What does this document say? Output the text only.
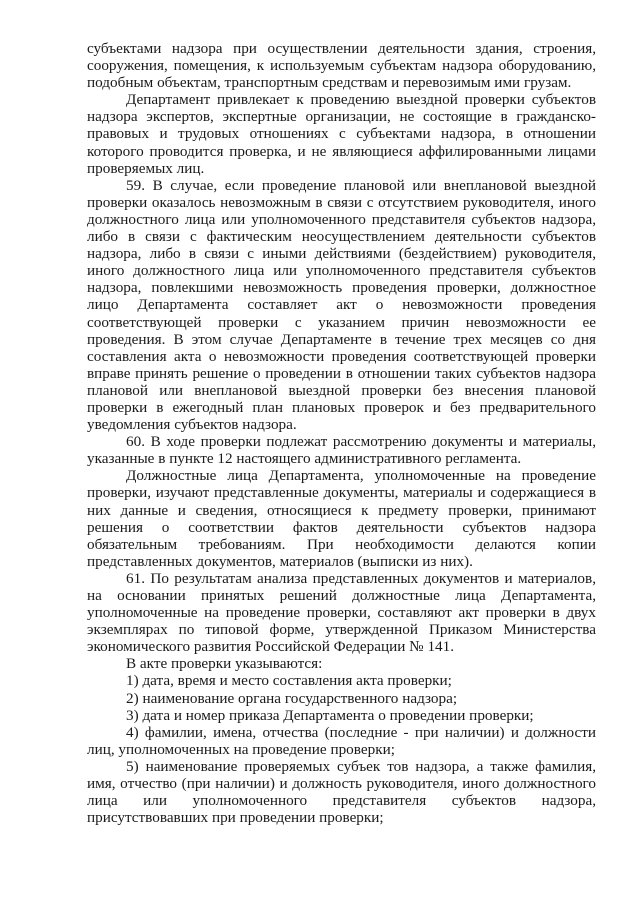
субъектами надзора при осуществлении деятельности здания, строения, сооружения, помещения, к используемым субъектам надзора оборудованию, подобным объектам, транспортным средствам и перевозимым ими грузам.

Департамент привлекает к проведению выездной проверки субъектов надзора экспертов, экспертные организации, не состоящие в гражданско-правовых и трудовых отношениях с субъектами надзора, в отношении которого проводится проверка, и не являющиеся аффилированными лицами проверяемых лиц.

59. В случае, если проведение плановой или внеплановой выездной проверки оказалось невозможным в связи с отсутствием руководителя, иного должностного лица или уполномоченного представителя субъектов надзора, либо в связи с фактическим неосуществлением деятельности субъектов надзора, либо в связи с иными действиями (бездействием) руководителя, иного должностного лица или уполномоченного представителя субъектов надзора, повлекшими невозможность проведения проверки, должностное лицо Департамента составляет акт о невозможности проведения соответствующей проверки с указанием причин невозможности ее проведения. В этом случае Департаменте в течение трех месяцев со дня составления акта о невозможности проведения соответствующей проверки вправе принять решение о проведении в отношении таких субъектов надзора плановой или внеплановой выездной проверки без внесения плановой проверки в ежегодный план плановых проверок и без предварительного уведомления субъектов надзора.

60. В ходе проверки подлежат рассмотрению документы и материалы, указанные в пункте 12 настоящего административного регламента.

Должностные лица Департамента, уполномоченные на проведение проверки, изучают представленные документы, материалы и содержащиеся в них данные и сведения, относящиеся к предмету проверки, принимают решения о соответствии фактов деятельности субъектов надзора обязательным требованиям. При необходимости делаются копии представленных документов, материалов (выписки из них).

61. По результатам анализа представленных документов и материалов, на основании принятых решений должностные лица Департамента, уполномоченные на проведение проверки, составляют акт проверки в двух экземплярах по типовой форме, утвержденной Приказом Министерства экономического развития Российской Федерации № 141.

В акте проверки указываются:

1) дата, время и место составления акта проверки;

2) наименование органа государственного надзора;

3) дата и номер приказа Департамента о проведении проверки;

4) фамилии, имена, отчества (последние - при наличии) и должности лиц, уполномоченных на проведение проверки;

5) наименование проверяемых субъек тов надзора, а также фамилия, имя, отчество (при наличии) и должность руководителя, иного должностного лица или уполномоченного представителя субъектов надзора, присутствовавших при проведении проверки;
